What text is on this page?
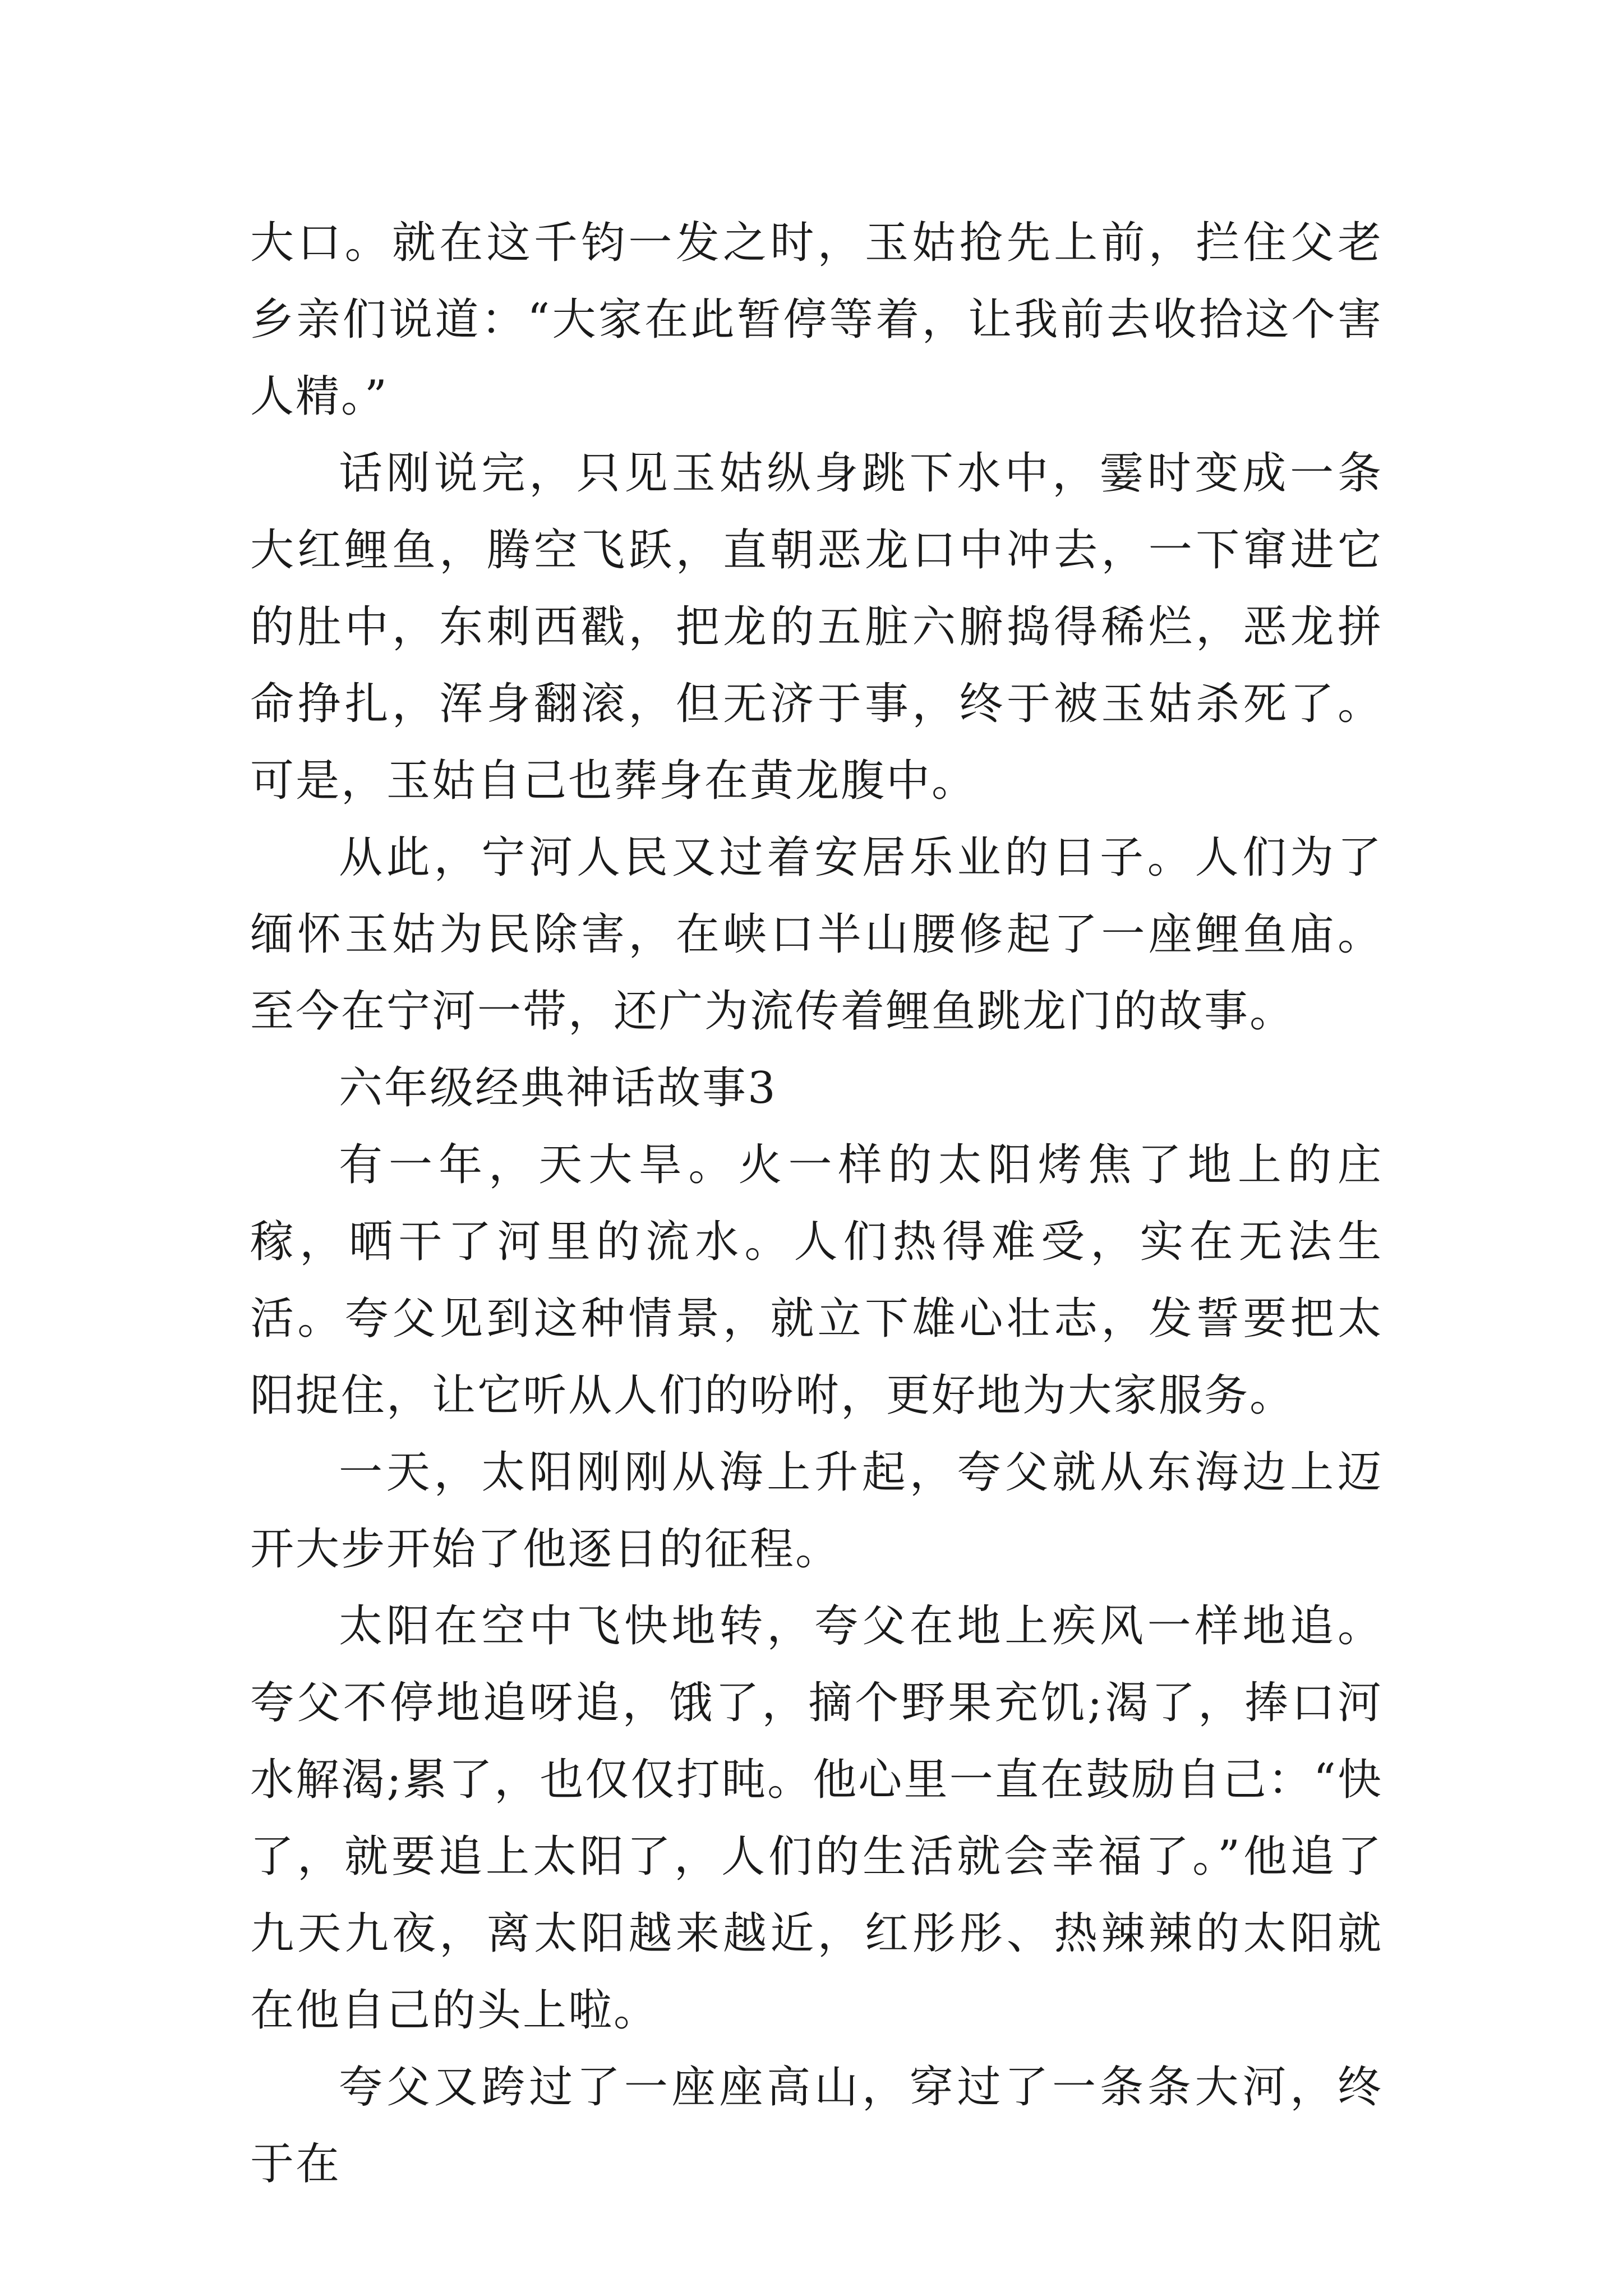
大口。就在这千钧一发之时，玉姑抢先上前，拦住父老乡亲们说道：“大家在此暂停等着，让我前去收拾这个害人精。”

话刚说完，只见玉姑纵身跳下水中，霎时变成一条大红鲤鱼，腾空飞跃，直朝恶龙口中冲去，一下窜进它的肚中，东刺西戳，把龙的五脏六腑捣得稀烂，恶龙拼命挣扎，浑身翻滚，但无济于事，终于被玉姑杀死了。可是，玉姑自己也葬身在黄龙腹中。

从此，宁河人民又过着安居乐业的日子。人们为了缅怀玉姑为民除害，在峡口半山腰修起了一座鲤鱼庙。至今在宁河一带，还广为流传着鲤鱼跳龙门的故事。

六年级经典神话故事3

有一年，天大旱。火一样的太阳烤焦了地上的庄稼，晒干了河里的流水。人们热得难受，实在无法生活。夸父见到这种情景，就立下雄心壮志，发誓要把太阳捉住，让它听从人们的吩咐，更好地为大家服务。

一天，太阳刚刚从海上升起，夸父就从东海边上迈开大步开始了他逐日的征程。

太阳在空中飞快地转，夸父在地上疾风一样地追。夸父不停地追呀追，饿了，摘个野果充饥;渴了，捧口河水解渴;累了，也仅仅打盹。他心里一直在鼓励自己：“快了，就要追上太阳了，人们的生活就会幸福了。”他追了九天九夜，离太阳越来越近，红彤彤、热辣辣的太阳就在他自己的头上啦。

夸父又跨过了一座座高山，穿过了一条条大河，终于在
